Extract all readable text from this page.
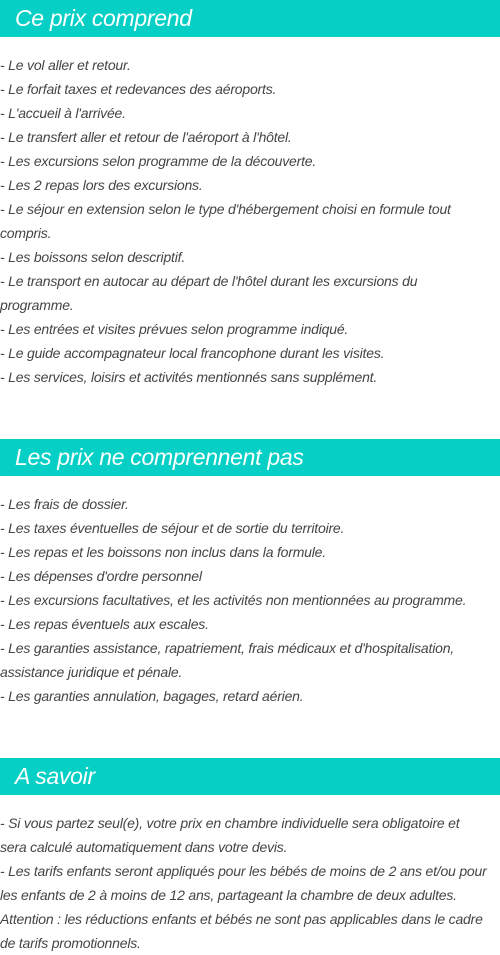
Ce prix comprend
- Le vol aller et retour.
- Le forfait taxes et redevances des aéroports.
- L'accueil à l'arrivée.
- Le transfert aller et retour de l'aéroport à l'hôtel.
- Les excursions selon programme de la découverte.
- Les 2 repas lors des excursions.
- Le séjour en extension selon le type d'hébergement choisi en formule tout
compris.
- Les boissons selon descriptif.
- Le transport en autocar au départ de l'hôtel durant les excursions du
programme.
- Les entrées et visites prévues selon programme indiqué.
- Le guide accompagnateur local francophone durant les visites.
- Les services, loisirs et activités mentionnés sans supplément.
Les prix ne comprennent pas
- Les frais de dossier.
- Les taxes éventuelles de séjour et de sortie du territoire.
- Les repas et les boissons non inclus dans la formule.
- Les dépenses d'ordre personnel
- Les excursions facultatives, et les activités non mentionnées au programme.
- Les repas éventuels aux escales.
- Les garanties assistance, rapatriement, frais médicaux et d'hospitalisation,
assistance juridique et pénale.
- Les garanties annulation, bagages, retard aérien.
A savoir
- Si vous partez seul(e), votre prix en chambre individuelle sera obligatoire et
sera calculé automatiquement dans votre devis.
- Les tarifs enfants seront appliqués pour les bébés de moins de 2 ans et/ou pour
les enfants de 2 à moins de 12 ans, partageant la chambre de deux adultes.
Attention : les réductions enfants et bébés ne sont pas applicables dans le cadre
de tarifs promotionnels.
